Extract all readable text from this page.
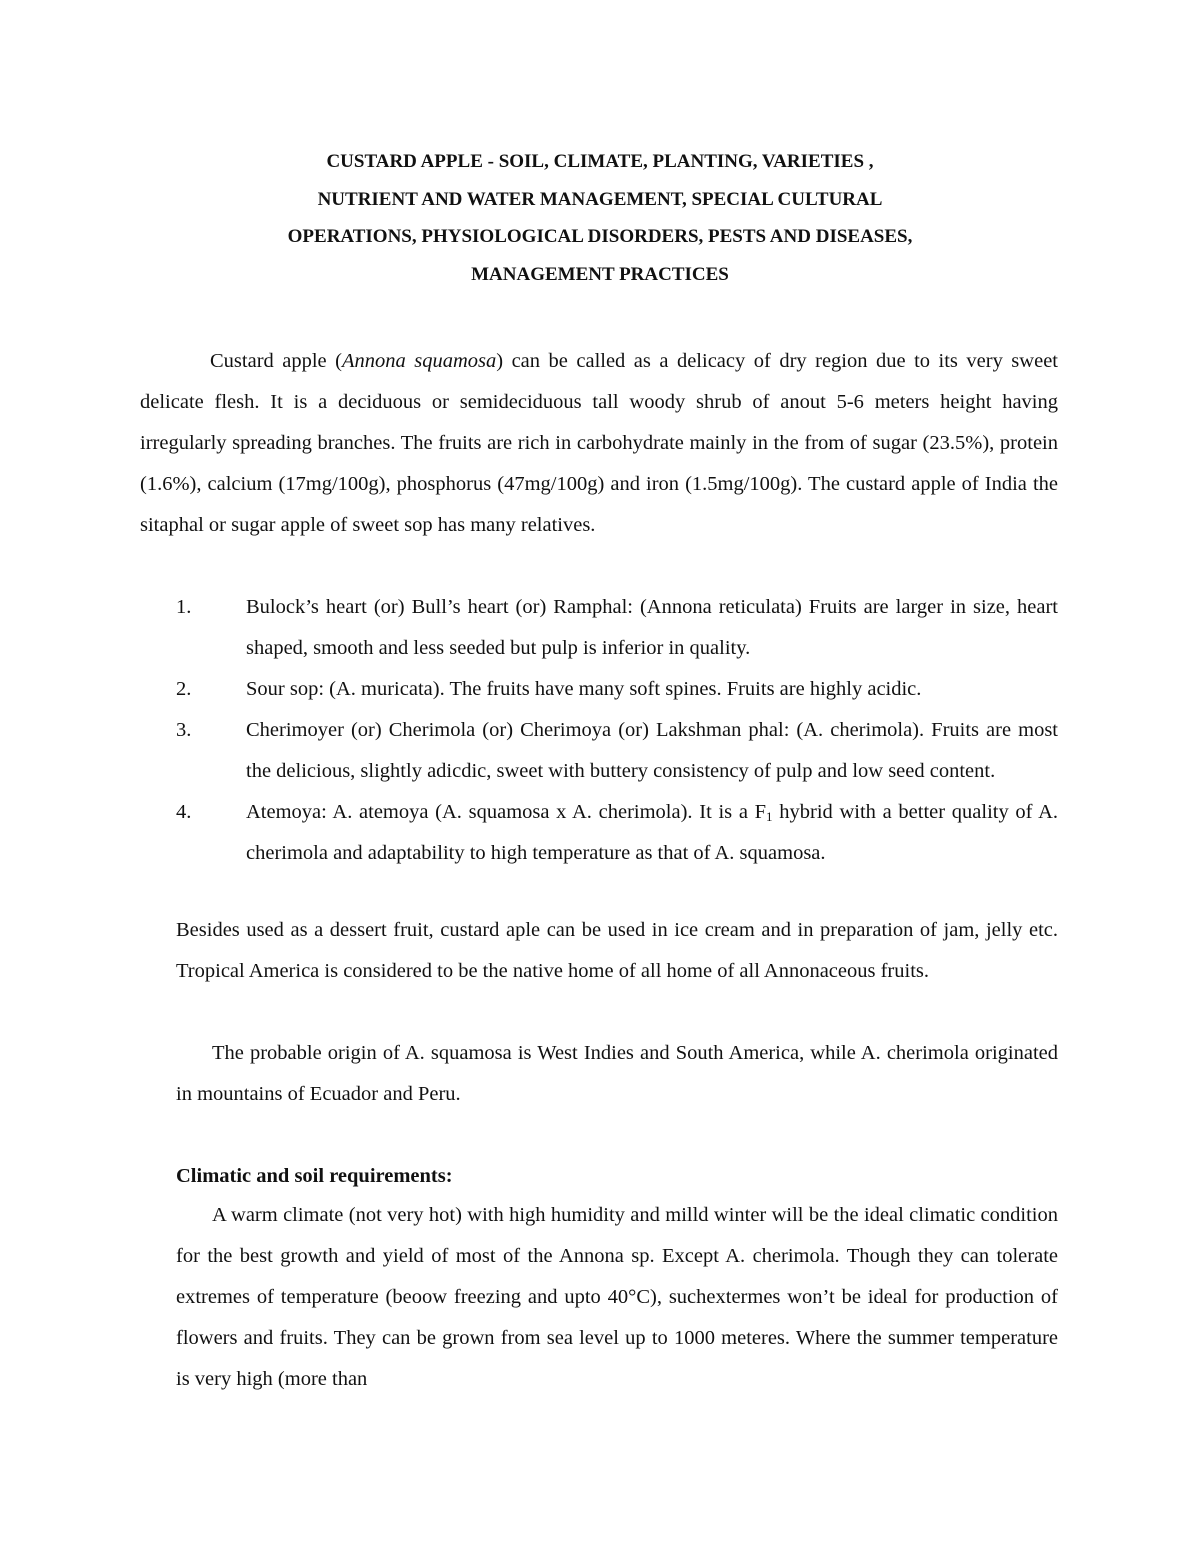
CUSTARD APPLE - SOIL, CLIMATE, PLANTING, VARIETIES ,
NUTRIENT AND WATER MANAGEMENT, SPECIAL CULTURAL
OPERATIONS, PHYSIOLOGICAL DISORDERS, PESTS AND DISEASES,
MANAGEMENT PRACTICES
Custard apple (Annona squamosa) can be called as a delicacy of dry region due to its very sweet delicate flesh. It is a deciduous or semideciduous tall woody shrub of anout 5-6 meters height having irregularly spreading branches. The fruits are rich in carbohydrate mainly in the from of sugar (23.5%), protein (1.6%), calcium (17mg/100g), phosphorus (47mg/100g) and iron (1.5mg/100g). The custard apple of India the sitaphal or sugar apple of sweet sop has many relatives.
1.	Bulock’s heart (or) Bull’s heart (or) Ramphal: (Annona reticulata) Fruits are larger in size, heart shaped, smooth and less seeded but pulp is inferior in quality.
2.	Sour sop: (A. muricata). The fruits have many soft spines. Fruits are highly acidic.
3.	Cherimoyer (or) Cherimola (or) Cherimoya (or) Lakshman phal: (A. cherimola). Fruits are most the delicious, slightly adicdic, sweet with buttery consistency of pulp and low seed content.
4.	Atemoya: A. atemoya (A. squamosa x A. cherimola). It is a $F_1$ hybrid with a better quality of A. cherimola and adaptability to high temperature as that of A. squamosa.
Besides used as a dessert fruit, custard aple can be used in ice cream and in preparation of jam, jelly etc. Tropical America is considered to be the native home of all home of all Annonaceous fruits.
The probable origin of A. squamosa is West Indies and South America, while A. cherimola originated in mountains of Ecuador and Peru.
Climatic and soil requirements:
A warm climate (not very hot) with high humidity and milld winter will be the ideal climatic condition for the best growth and yield of most of the Annona sp. Except A. cherimola. Though they can tolerate extremes of temperature (beoow freezing and upto 40°C), suchextermes won’t be ideal for production of flowers and fruits. They can be grown from sea level up to 1000 meteres. Where the summer temperature is very high (more than
